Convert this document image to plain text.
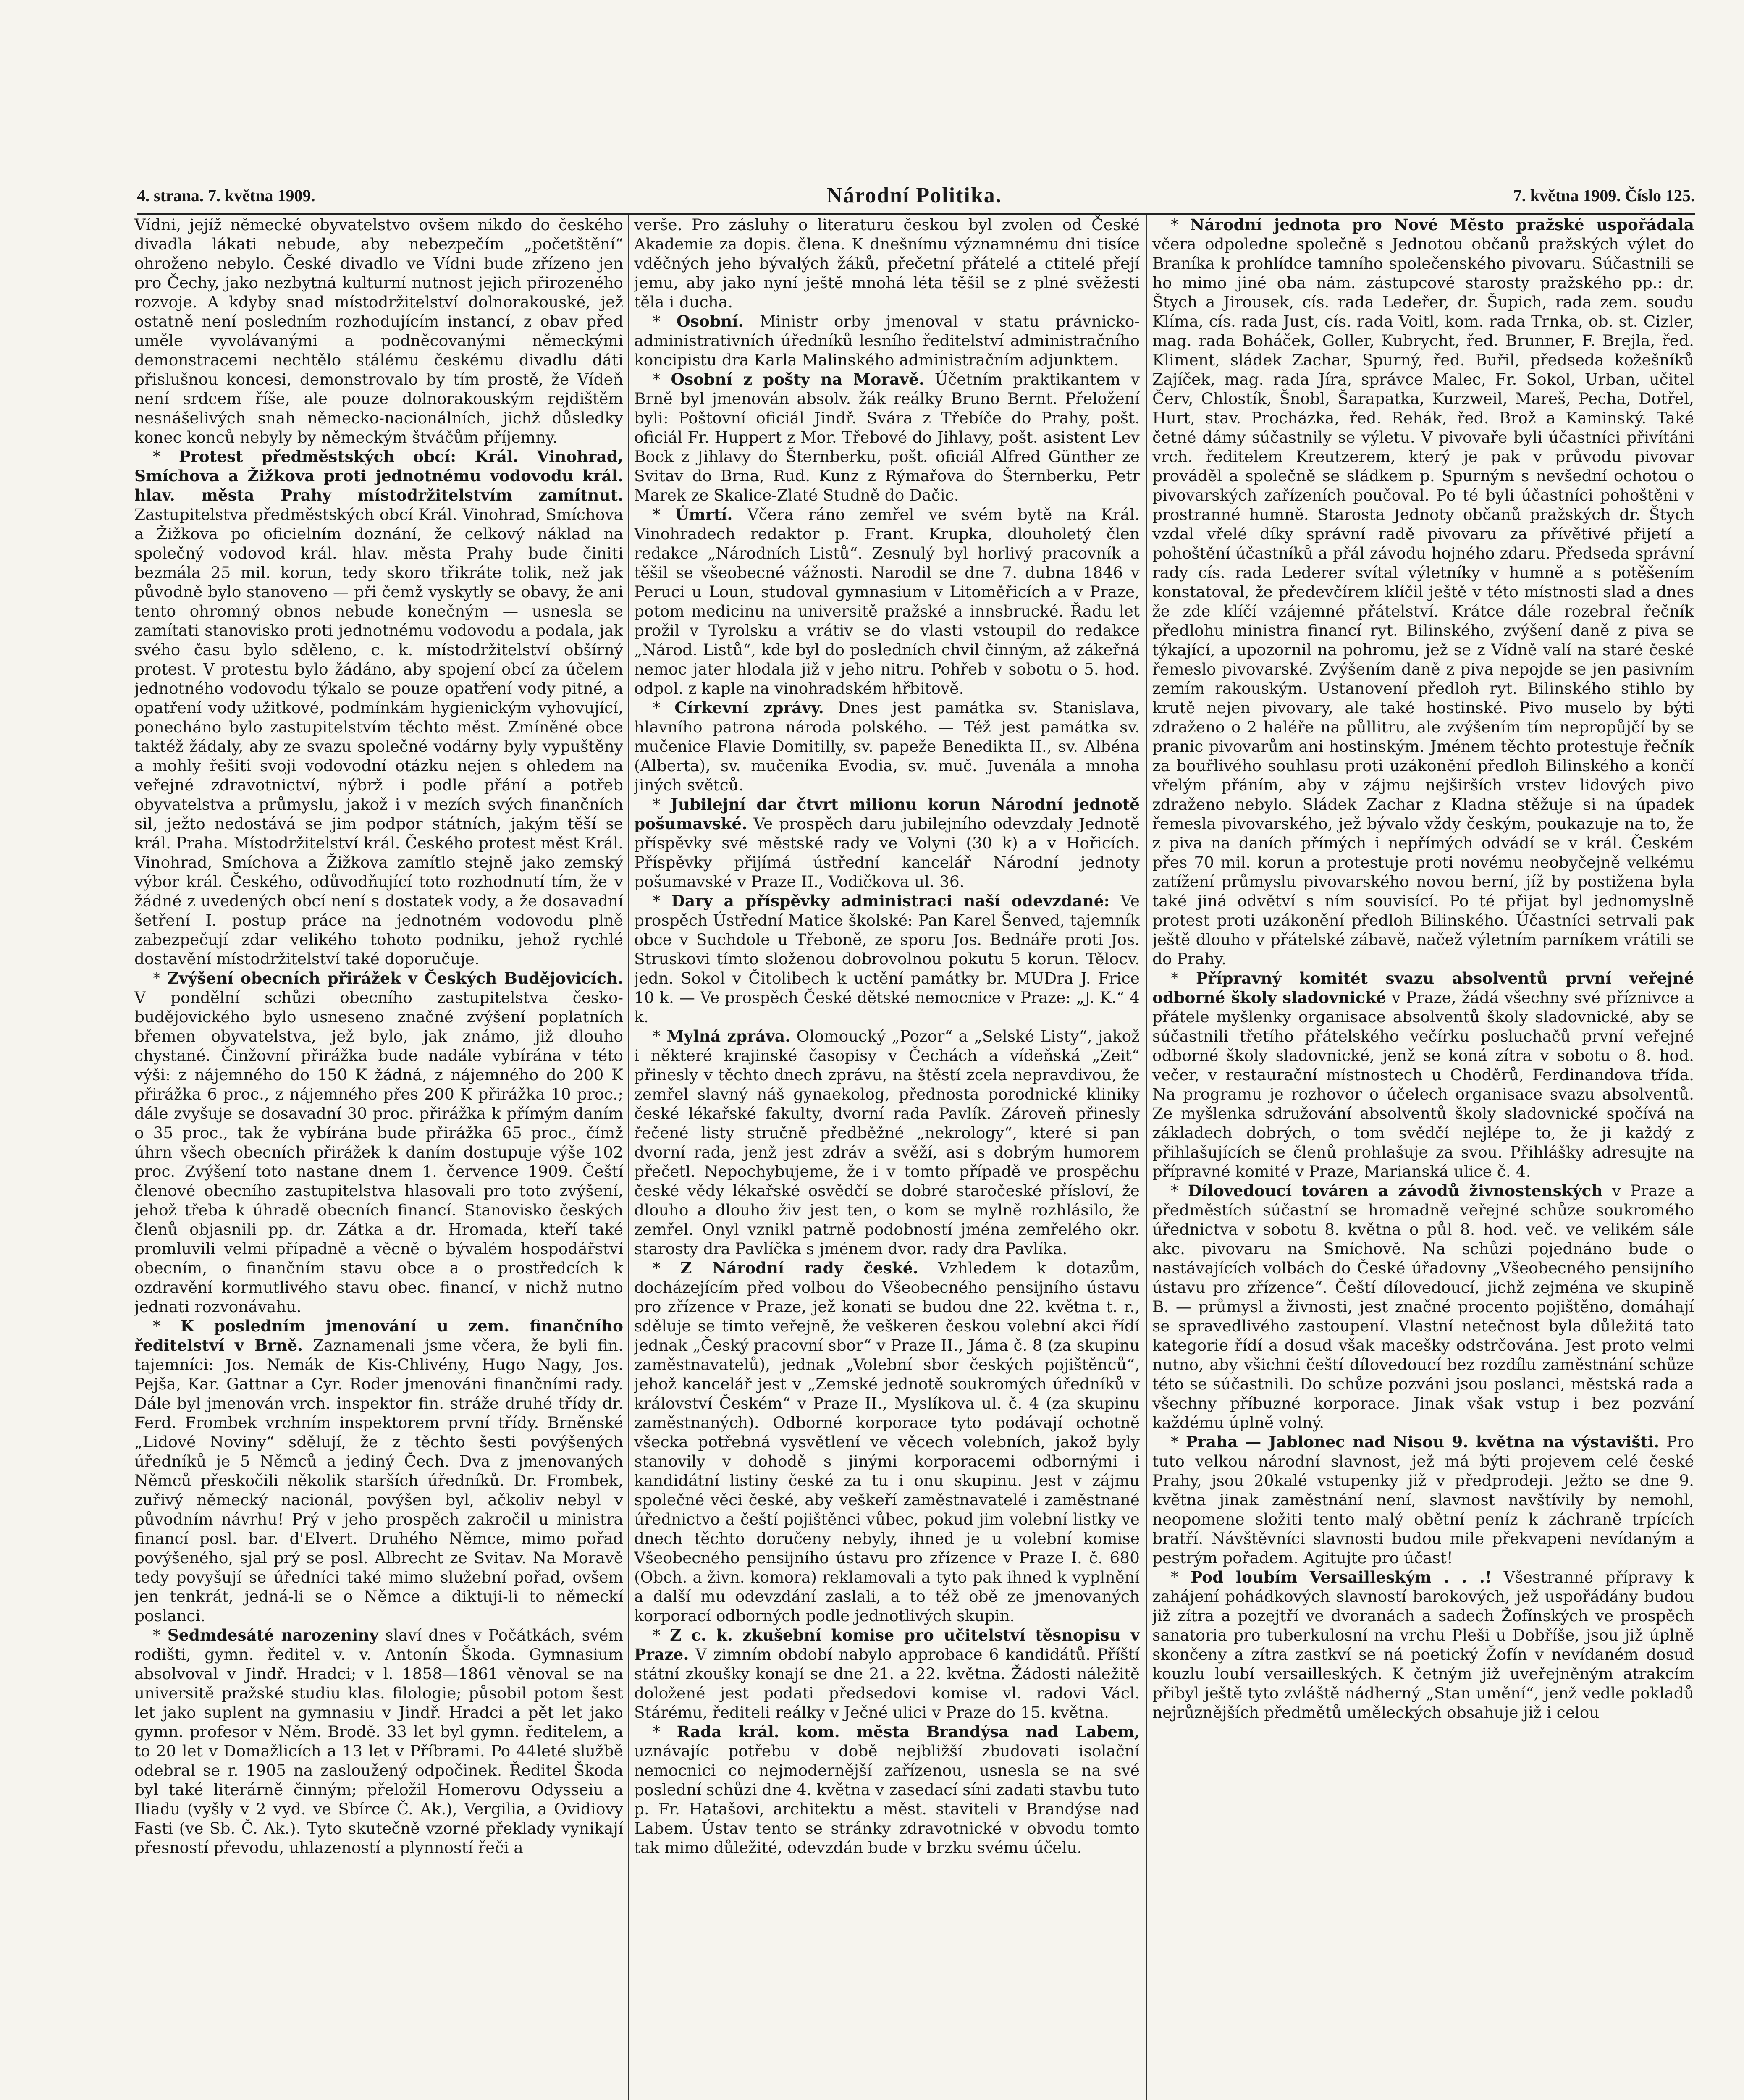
4. strana. 7. května 1909.	Národní Politika.	7. května 1909. Číslo 125.

Vídni, jejíž německé obyvatelstvo ovšem nikdo do českého divadla lákati nebude, aby nebezpečím „početštění“ ohroženo nebylo. České divadlo ve Vídni bude zřízeno jen pro Čechy, jako nezbytná kulturní nutnost jejich přirozeného rozvoje. A kdyby snad místodržitelství dolnorakouské, jež ostatně není posledním rozhodujícím instancí, z obav před uměle vyvolávanými a podněcovanými německými demonstracemi nechtělo stálému českému divadlu dáti přislušnou koncesi, demonstrovalo by tím prostě, že Vídeň není srdcem říše, ale pouze dolnorakouským rejdištěm nesnášelivých snah německo-nacionálních, jichž důsledky konec konců nebyly by německým štváčům příjemny.

* Protest předměstských obcí: Král. Vinohrad, Smíchova a Žižkova proti jednotnému vodovodu král. hlav. města Prahy místodržitelstvím zamítnut. Zastupitelstva předměstských obcí Král. Vinohrad, Smíchova a Žižkova po oficielním doznání, že celkový náklad na společný vodovod král. hlav. města Prahy bude činiti bezmála 25 mil. korun, tedy skoro třikráte tolik, než jak původně bylo stanoveno — při čemž vyskytly se obavy, že ani tento ohromný obnos nebude konečným — usnesla se zamítati stanovisko proti jednotnému vodovodu a podala, jak svého času bylo sděleno, c. k. místodržitelství obšírný protest. V protestu bylo žádáno, aby spojení obcí za účelem jednotného vodovodu týkalo se pouze opatření vody pitné, a opatření vody užitkové, podmínkám hygienickým vyhovující, ponecháno bylo zastupitelstvím těchto měst. Zmíněné obce taktéž žádaly, aby ze svazu společné vodárny byly vypuštěny a mohly řešiti svoji vodovodní otázku nejen s ohledem na veřejné zdravotnictví, nýbrž i podle přání a potřeb obyvatelstva a průmyslu, jakož i v mezích svých finančních sil, ježto nedostává se jim podpor státních, jakým těší se král. Praha. Místodržitelství král. Českého protest měst Král. Vinohrad, Smíchova a Žižkova zamítlo stejně jako zemský výbor král. Českého, odůvodňující toto rozhodnutí tím, že v žádné z uvedených obcí není s dostatek vody, a že dosavadní šetření I. postup práce na jednotném vodovodu plně zabezpečují zdar velikého tohoto podniku, jehož rychlé dostavění místodržitelství také doporučuje.

* Zvýšení obecních přirážek v Českých Budějovicích. V pondělní schůzi obecního zastupitelstva česko-budějovického bylo usneseno značné zvýšení poplatních břemen obyvatelstva, jež bylo, jak známo, již dlouho chystané. Činžovní přirážka bude nadále vybírána v této výši: z nájemného do 150 K žádná, z nájemného do 200 K přirážka 6 proc., z nájemného přes 200 K přirážka 10 proc.; dále zvyšuje se dosavadní 30 proc. přirážka k přímým daním o 35 proc., tak že vybírána bude přirážka 65 proc., čímž úhrn všech obecních přirážek k daním dostupuje výše 102 proc. Zvýšení toto nastane dnem 1. července 1909. Čeští členové obecního zastupitelstva hlasovali pro toto zvýšení, jehož třeba k úhradě obecních financí. Stanovisko českých členů objasnili pp. dr. Zátka a dr. Hromada, kteří také promluvili velmi případně a věcně o bývalém hospodářství obecním, o finančním stavu obce a o prostředcích k ozdravění kormutlivého stavu obec. financí, v nichž nutno jednati rozvonávahu.

* K posledním jmenování u zem. finančního ředitelství v Brně. Zaznamenali jsme včera, že byli fin. tajemníci: Jos. Nemák de Kis-Chlivény, Hugo Nagy, Jos. Pejša, Kar. Gattnar a Cyr. Roder jmenováni finančními rady. Dále byl jmenován vrch. inspektor fin. stráže druhé třídy dr. Ferd. Frombek vrchním inspektorem první třídy. Brněnské „Lidové Noviny“ sdělují, že z těchto šesti povýšených úředníků je 5 Němců a jediný Čech. Dva z jmenovaných Němců přeskočili několik starších úředníků. Dr. Frombek, zuřivý německý nacionál, povýšen byl, ačkoliv nebyl v původním návrhu! Prý v jeho prospěch zakročil u ministra financí posl. bar. d'Elvert. Druhého Němce, mimo pořad povýšeného, sjal prý se posl. Albrecht ze Svitav. Na Moravě tedy povyšují se úředníci také mimo služební pořad, ovšem jen tenkrát, jedná-li se o Němce a diktuji-li to německí poslanci.

* Sedmdesáté narozeniny slaví dnes v Počátkách, svém rodišti, gymn. ředitel v. v. Antonín Škoda. Gymnasium absolvoval v Jindř. Hradci; v l. 1858—1861 věnoval se na universitě pražské studiu klas. filologie; působil potom šest let jako suplent na gymnasiu v Jindř. Hradci a pět let jako gymn. profesor v Něm. Brodě. 33 let byl gymn. ředitelem, a to 20 let v Domažlicích a 13 let v Příbrami. Po 44leté službě odebral se r. 1905 na zasloužený odpočinek. Ředitel Škoda byl také literárně činným; přeložil Homerovu Odysseiu a Iliadu (vyšly v 2 vyd. ve Sbírce Č. Ak.), Vergilia, a Ovidiovy Fasti (ve Sb. Č. Ak.). Tyto skutečně vzorné překlady vynikají přesností převodu, uhlazeností a plynností řeči a

verše. Pro zásluhy o literaturu českou byl zvolen od České Akademie za dopis. člena. K dnešnímu významnému dni tisíce vděčných jeho bývalých žáků, přečetní přátelé a ctitelé přejí jemu, aby jako nyní ještě mnohá léta těšil se z plné svěžesti těla i ducha.

* Osobní. Ministr orby jmenoval v statu právnicko-administrativních úředníků lesního ředitelství administračního koncipistu dra Karla Malinského administračním adjunktem.

* Osobní z pošty na Moravě. Účetním praktikantem v Brně byl jmenován absolv. žák reálky Bruno Bernt. Přeložení byli: Poštovní oficiál Jindř. Svára z Třebíče do Prahy, pošt. oficiál Fr. Huppert z Mor. Třebové do Jihlavy, pošt. asistent Lev Bock z Jihlavy do Šternberku, pošt. oficiál Alfred Günther ze Svitav do Brna, Rud. Kunz z Rýmařova do Šternberku, Petr Marek ze Skalice-Zlaté Studně do Dačic.

* Úmrtí. Včera ráno zemřel ve svém bytě na Král. Vinohradech redaktor p. Frant. Krupka, dlouholetý člen redakce „Národních Listů“. Zesnulý byl horlivý pracovník a těšil se všeobecné vážnosti. Narodil se dne 7. dubna 1846 v Peruci u Loun, studoval gymnasium v Litoměřicích a v Praze, potom medicinu na universitě pražské a innsbrucké. Řadu let prožil v Tyrolsku a vrátiv se do vlasti vstoupil do redakce „Národ. Listů“, kde byl do posledních chvil činným, až zákeřná nemoc jater hlodala již v jeho nitru. Pohřeb v sobotu o 5. hod. odpol. z kaple na vinohradském hřbitově.

* Církevní zprávy. Dnes jest památka sv. Stanislava, hlavního patrona národa polského. — Též jest památka sv. mučenice Flavie Domitilly, sv. papeže Benedikta II., sv. Albéna (Alberta), sv. mučeníka Evodia, sv. muč. Juvenála a mnoha jiných světců.

* Jubilejní dar čtvrt milionu korun Národní jednotě pošumavské. Ve prospěch daru jubilejního odevzdaly Jednotě příspěvky své městské rady ve Volyni (30 k) a v Hořicích. Příspěvky přijímá ústřední kancelář Národní jednoty pošumavské v Praze II., Vodičkova ul. 36.

* Dary a příspěvky administraci naší odevzdané: Ve prospěch Ústřední Matice školské: Pan Karel Šenved, tajemník obce v Suchdole u Třeboně, ze sporu Jos. Bednáře proti Jos. Struskovi tímto složenou dobrovolnou pokutu 5 korun. Tělocv. jedn. Sokol v Čitolibech k uctění památky br. MUDra J. Frice 10 k. — Ve prospěch České dětské nemocnice v Praze: „J. K.“ 4 k.

* Mylná zpráva. Olomoucký „Pozor“ a „Selské Listy“, jakož i některé krajinské časopisy v Čechách a vídeňská „Zeit“ přinesly v těchto dnech zprávu, na štěstí zcela nepravdivou, že zemřel slavný náš gynaekolog, přednosta porodnické kliniky české lékařské fakulty, dvorní rada Pavlík. Zároveň přinesly řečené listy stručně předběžné „nekrology“, které si pan dvorní rada, jenž jest zdráv a svěží, asi s dobrým humorem přečetl. Nepochybujeme, že i v tomto případě ve prospěchu české vědy lékařské osvědčí se dobré staročeské přísloví, že dlouho a dlouho živ jest ten, o kom se mylně rozhlásilo, že zemřel. Onyl vznikl patrně podobností jména zemřelého okr. starosty dra Pavlíčka s jménem dvor. rady dra Pavlíka.

* Z Národní rady české. Vzhledem k dotazům, docházejícím před volbou do Všeobecného pensijního ústavu pro zřízence v Praze, jež konati se budou dne 22. května t. r., sděluje se timto veřejně, že veškeren českou volební akci řídí jednak „Český pracovní sbor“ v Praze II., Jáma č. 8 (za skupinu zaměstnavatelů), jednak „Volební sbor českých pojištěnců“, jehož kancelář jest v „Zemské jednotě soukromých úředníků v království Českém“ v Praze II., Myslíkova ul. č. 4 (za skupinu zaměstnaných). Odborné korporace tyto podávají ochotně všecka potřebná vysvětlení ve věcech volebních, jakož byly stanovily v dohodě s jinými korporacemi odbornými i kandidátní listiny české za tu i onu skupinu. Jest v zájmu společné věci české, aby veškeří zaměstnavatelé i zaměstnané úřednictvo a čeští pojištěnci vůbec, pokud jim volební listky ve dnech těchto doručeny nebyly, ihned je u volební komise Všeobecného pensijního ústavu pro zřízence v Praze I. č. 680 (Obch. a živn. komora) reklamovali a tyto pak ihned k vyplnění a další mu odevzdání zaslali, a to též obě ze jmenovaných korporací odborných podle jednotlivých skupin.

* Z c. k. zkušební komise pro učitelství těsnopisu v Praze. V zimním období nabylo approbace 6 kandidátů. Příští státní zkoušky konají se dne 21. a 22. května. Žádosti náležitě doložené jest podati předsedovi komise vl. radovi Václ. Stárému, řediteli reálky v Ječné ulici v Praze do 15. května.

* Rada král. kom. města Brandýsa nad Labem, uznávajíc potřebu v době nejbližší zbudovati isolační nemocnici co nejmodernější zařízenou, usnesla se na své poslední schůzi dne 4. května v zasedací síni zadati stavbu tuto p. Fr. Hatašovi, architektu a měst. staviteli v Brandýse nad Labem. Ústav tento se stránky zdravotnické v obvodu tomto tak mimo důležité, odevzdán bude v brzku svému účelu.

* Národní jednota pro Nové Město pražské uspořádala včera odpoledne společně s Jednotou občanů pražských výlet do Braníka k prohlídce tamního společenského pivovaru. Súčastnili se ho mimo jiné oba nám. zástupcové starosty pražského pp.: dr. Štych a Jirousek, cís. rada Ledeřer, dr. Šupich, rada zem. soudu Klíma, cís. rada Just, cís. rada Voitl, kom. rada Trnka, ob. st. Cizler, mag. rada Boháček, Goller, Kubrycht, řed. Brunner, F. Brejla, řed. Kliment, sládek Zachar, Spurný, řed. Buřil, předseda kožešníků Zajíček, mag. rada Jíra, správce Malec, Fr. Sokol, Urban, učitel Červ, Chlostík, Šnobl, Šarapatka, Kurzweil, Mareš, Pecha, Dotřel, Hurt, stav. Procházka, řed. Rehák, řed. Brož a Kaminský. Také četné dámy súčastnily se výletu. V pivovaře byli účastníci přivítáni vrch. ředitelem Kreutzerem, který je pak v průvodu pivovar prováděl a společně se sládkem p. Spurným s nevšední ochotou o pivovarských zařízeních poučoval. Po té byli účastníci pohoštěni v prostranné humně. Starosta Jednoty občanů pražských dr. Štych vzdal vřelé díky správní radě pivovaru za přívětivé přijetí a pohoštění účastníků a přál závodu hojného zdaru. Předseda správní rady cís. rada Lederer svítal výletníky v humně a s potěšením konstatoval, že předevčírem klíčil ještě v této místnosti slad a dnes že zde klíčí vzájemné přátelství. Krátce dále rozebral řečník předlohu ministra financí ryt. Bilinského, zvýšení daně z piva se týkající, a upozornil na pohromu, jež se z Vídně valí na staré české řemeslo pivovarské. Zvýšením daně z piva nepojde se jen pasivním zemím rakouským. Ustanovení předloh ryt. Bilinského stihlo by krutě nejen pivovary, ale také hostinské. Pivo muselo by býti zdraženo o 2 haléře na půllitru, ale zvýšením tím nepropůjčí by se pranic pivovarům ani hostinským. Jménem těchto protestuje řečník za bouřlivého souhlasu proti uzákonění předloh Bilinského a končí vřelým přáním, aby v zájmu nejširších vrstev lidových pivo zdraženo nebylo. Sládek Zachar z Kladna stěžuje si na úpadek řemesla pivovarského, jež bývalo vždy českým, poukazuje na to, že z piva na daních přímých i nepřímých odvádí se v král. Českém přes 70 mil. korun a protestuje proti novému neobyčejně velkému zatížení průmyslu pivovarského novou berní, jíž by postižena byla také jiná odvětví s ním souvisící. Po té přijat byl jednomyslně protest proti uzákonění předloh Bilinského. Účastníci setrvali pak ještě dlouho v přátelské zábavě, načež výletním parníkem vrátili se do Prahy.

* Přípravný komitét svazu absolventů první veřejné odborné školy sladovnické v Praze, žádá všechny své příznivce a přátele myšlenky organisace absolventů školy sladovnické, aby se súčastnili třetího přátelského večírku posluchačů první veřejné odborné školy sladovnické, jenž se koná zítra v sobotu o 8. hod. večer, v restaurační místnostech u Choděrů, Ferdinandova třída. Na programu je rozhovor o účelech organisace svazu absolventů. Ze myšlenka sdružování absolventů školy sladovnické spočívá na základech dobrých, o tom svědčí nejlépe to, že ji každý z přihlašujících se členů prohlašuje za svou. Přihlášky adresujte na přípravné komité v Praze, Marianská ulice č. 4.

* Dílovedoucí továren a závodů živnostenských v Praze a předměstích súčastní se hromadně veřejné schůze soukromého úřednictva v sobotu 8. května o půl 8. hod. več. ve velikém sále akc. pivovaru na Smíchově. Na schůzi pojednáno bude o nastávajících volbách do České úřadovny „Všeobecného pensijního ústavu pro zřízence“. Čeští dílovedoucí, jichž zejména ve skupině B. — průmysl a živnosti, jest značné procento pojištěno, domáhají se spravedlivého zastoupení. Vlastní netečnost byla důležitá tato kategorie řídí a dosud však macešky odstrčována. Jest proto velmi nutno, aby všichni čeští dílovedoucí bez rozdílu zaměstnání schůze této se súčastnili. Do schůze pozváni jsou poslanci, městská rada a všechny příbuzné korporace. Jinak však vstup i bez pozvání každému úplně volný.

* Praha — Jablonec nad Nisou 9. května na výstavišti. Pro tuto velkou národní slavnost, jež má býti projevem celé české Prahy, jsou 20kalé vstupenky již v předprodeji. Ježto se dne 9. května jinak zaměstnání není, slavnost navštívily by nemohl, neopomene složiti tento malý obětní peníz k záchraně trpících bratří. Návštěvníci slavnosti budou mile překvapeni nevídaným a pestrým pořadem. Agitujte pro účast!

* Pod loubím Versailleským . . .! Všestranné přípravy k zahájení pohádkových slavností barokových, jež uspořádány budou již zítra a pozejtří ve dvoranách a sadech Žofínských ve prospěch sanatoria pro tuberkulosní na vrchu Pleši u Dobříše, jsou již úplně skončeny a zítra zastkví se ná poetický Žofín v nevídaném dosud kouzlu loubí versailleských. K četným již uveřejněným atrakcím přibyl ještě tyto zvláště nádherný „Stan umění“, jenž vedle pokladů nejrůznějších předmětů uměleckých obsahuje již i celou
